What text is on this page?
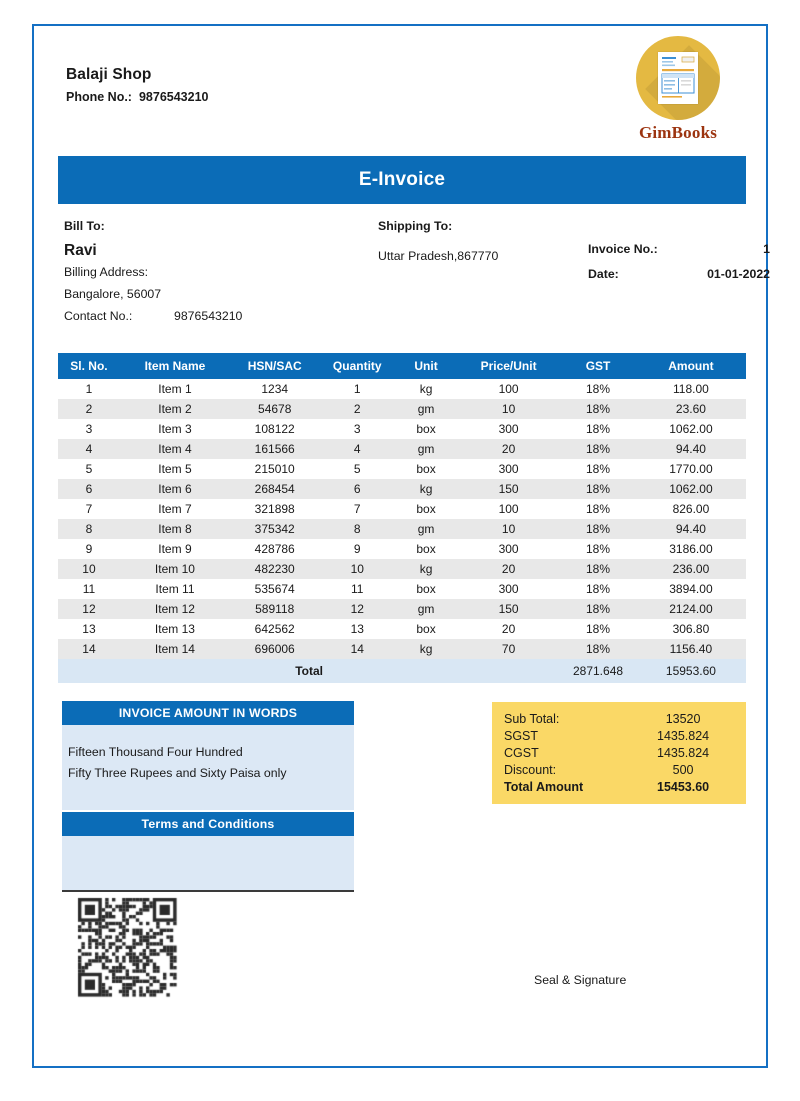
Balaji Shop
Phone No.: 9876543210
GimBooks
E-Invoice
Bill To:
Ravi
Billing Address:
Bangalore, 56007
Contact No.:	9876543210
Shipping To:
Uttar Pradesh,867770	Invoice No.:	1
Date:	01-01-2022
Sl. No.	Item Name	HSN/SAC	Quantity	Unit	Price/Unit	GST	Amount
1	Item 1	1234	1	kg	100	18%	118.00
2	Item 2	54678	2	gm	10	18%	23.60
3	Item 3	108122	3	box	300	18%	1062.00
4	Item 4	161566	4	gm	20	18%	94.40
5	Item 5	215010	5	box	300	18%	1770.00
6	Item 6	268454	6	kg	150	18%	1062.00
7	Item 7	321898	7	box	100	18%	826.00
8	Item 8	375342	8	gm	10	18%	94.40
9	Item 9	428786	9	box	300	18%	3186.00
10	Item 10	482230	10	kg	20	18%	236.00
11	Item 11	535674	11	box	300	18%	3894.00
12	Item 12	589118	12	gm	150	18%	2124.00
13	Item 13	642562	13	box	20	18%	306.80
14	Item 14	696006	14	kg	70	18%	1156.40
Total						2871.648	15953.60
INVOICE AMOUNT IN WORDS
Fifteen Thousand Four Hundred
Fifty Three Rupees and Sixty Paisa only
Terms and Conditions
Sub Total:	13520
SGST	1435.824
CGST	1435.824
Discount:	500
Total Amount	15453.60
Seal & Signature
